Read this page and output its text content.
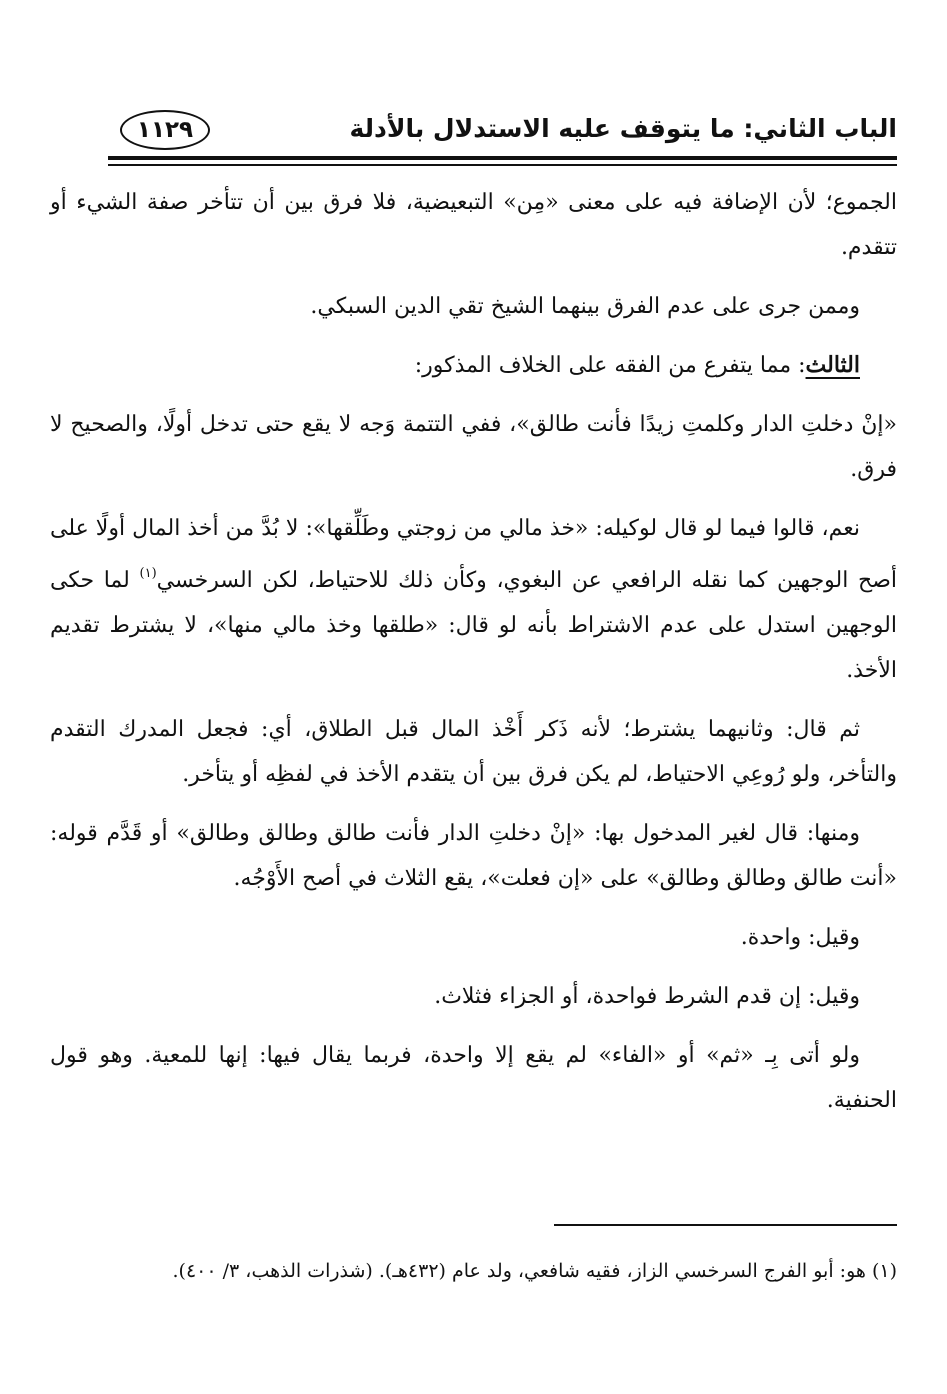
الباب الثاني: ما يتوقف عليه الاستدلال بالأدلة
١١٢٩

الجموع؛ لأن الإضافة فيه على معنى «مِن» التبعيضية، فلا فرق بين أن تتأخر صفة الشيء أو تتقدم.

وممن جرى على عدم الفرق بينهما الشيخ تقي الدين السبكي.

الثالث: مما يتفرع من الفقه على الخلاف المذكور:

«إنْ دخلتِ الدار وكلمتِ زيدًا فأنت طالق»، ففي التتمة وَجه لا يقع حتى تدخل أولًا، والصحيح لا فرق.

نعم، قالوا فيما لو قال لوكيله: «خذ مالي من زوجتي وطَلِّقها»: لا بُدَّ من أخذ المال أولًا على أصح الوجهين كما نقله الرافعي عن البغوي، وكأن ذلك للاحتياط، لكن السرخسي$^{(١)}$ لما حكى الوجهين استدل على عدم الاشتراط بأنه لو قال: «طلقها وخذ مالي منها»، لا يشترط تقديم الأخذ.

ثم قال: وثانيهما يشترط؛ لأنه ذَكر أَخْذ المال قبل الطلاق، أي: فجعل المدرك التقدم والتأخر، ولو رُوعِي الاحتياط، لم يكن فرق بين أن يتقدم الأخذ في لفظِه أو يتأخر.

ومنها: قال لغير المدخول بها: «إنْ دخلتِ الدار فأنت طالق وطالق وطالق» أو قَدَّم قوله: «أنت طالق وطالق وطالق» على «إن فعلت»، يقع الثلاث في أصح الأَوْجُه.

وقيل: واحدة.

وقيل: إن قدم الشرط فواحدة، أو الجزاء فثلاث.

ولو أتى بِـ «ثم» أو «الفاء» لم يقع إلا واحدة، فربما يقال فيها: إنها للمعية. وهو قول الحنفية.

(١) هو: أبو الفرج السرخسي الزاز، فقيه شافعي، ولد عام (٤٣٢هـ). (شذرات الذهب، ٣/ ٤٠٠).
